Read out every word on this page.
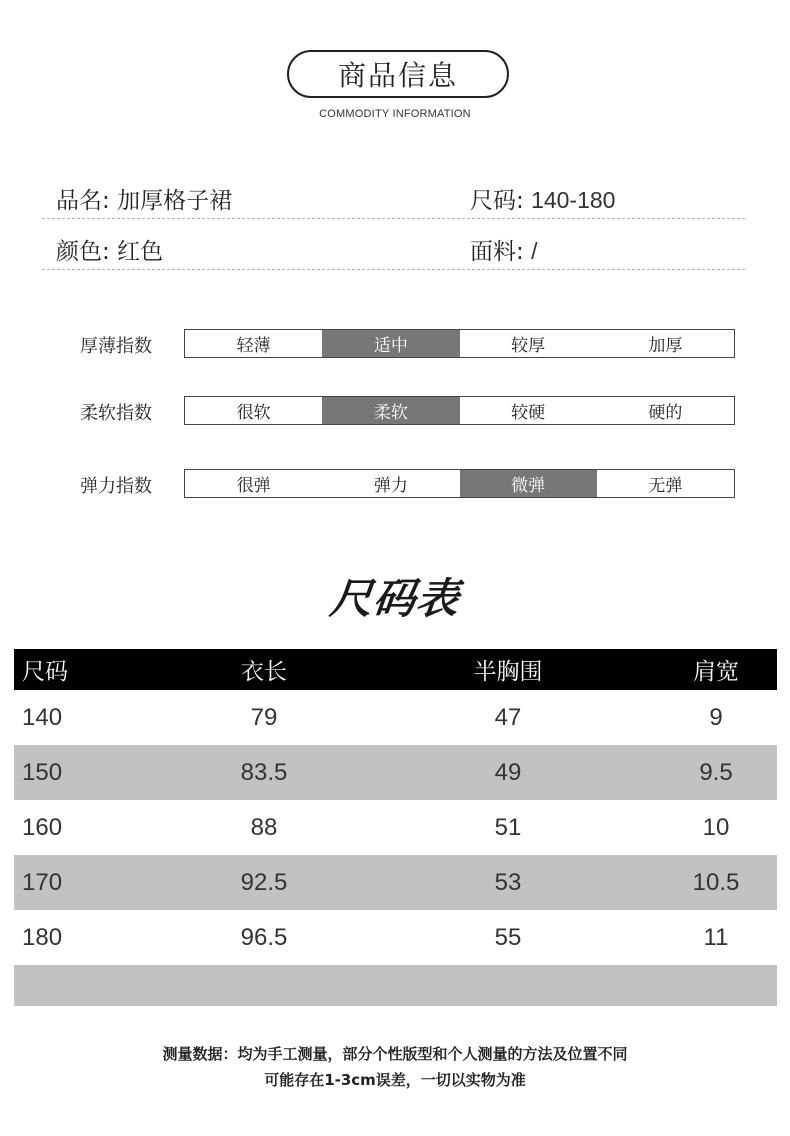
商品信息
COMMODITY INFORMATION
品名: 加厚格子裙	尺码: 140-180
颜色: 红色	面料: /
厚薄指数	轻薄	适中	较厚	加厚
柔软指数	很软	柔软	较硬	硬的
弹力指数	很弹	弹力	微弹	无弹
尺码表
尺码	衣长	半胸围	肩宽
140	79	47	9
150	83.5	49	9.5
160	88	51	10
170	92.5	53	10.5
180	96.5	55	11
测量数据：均为手工测量，部分个性版型和个人测量的方法及位置不同
可能存在1-3cm误差，一切以实物为准
